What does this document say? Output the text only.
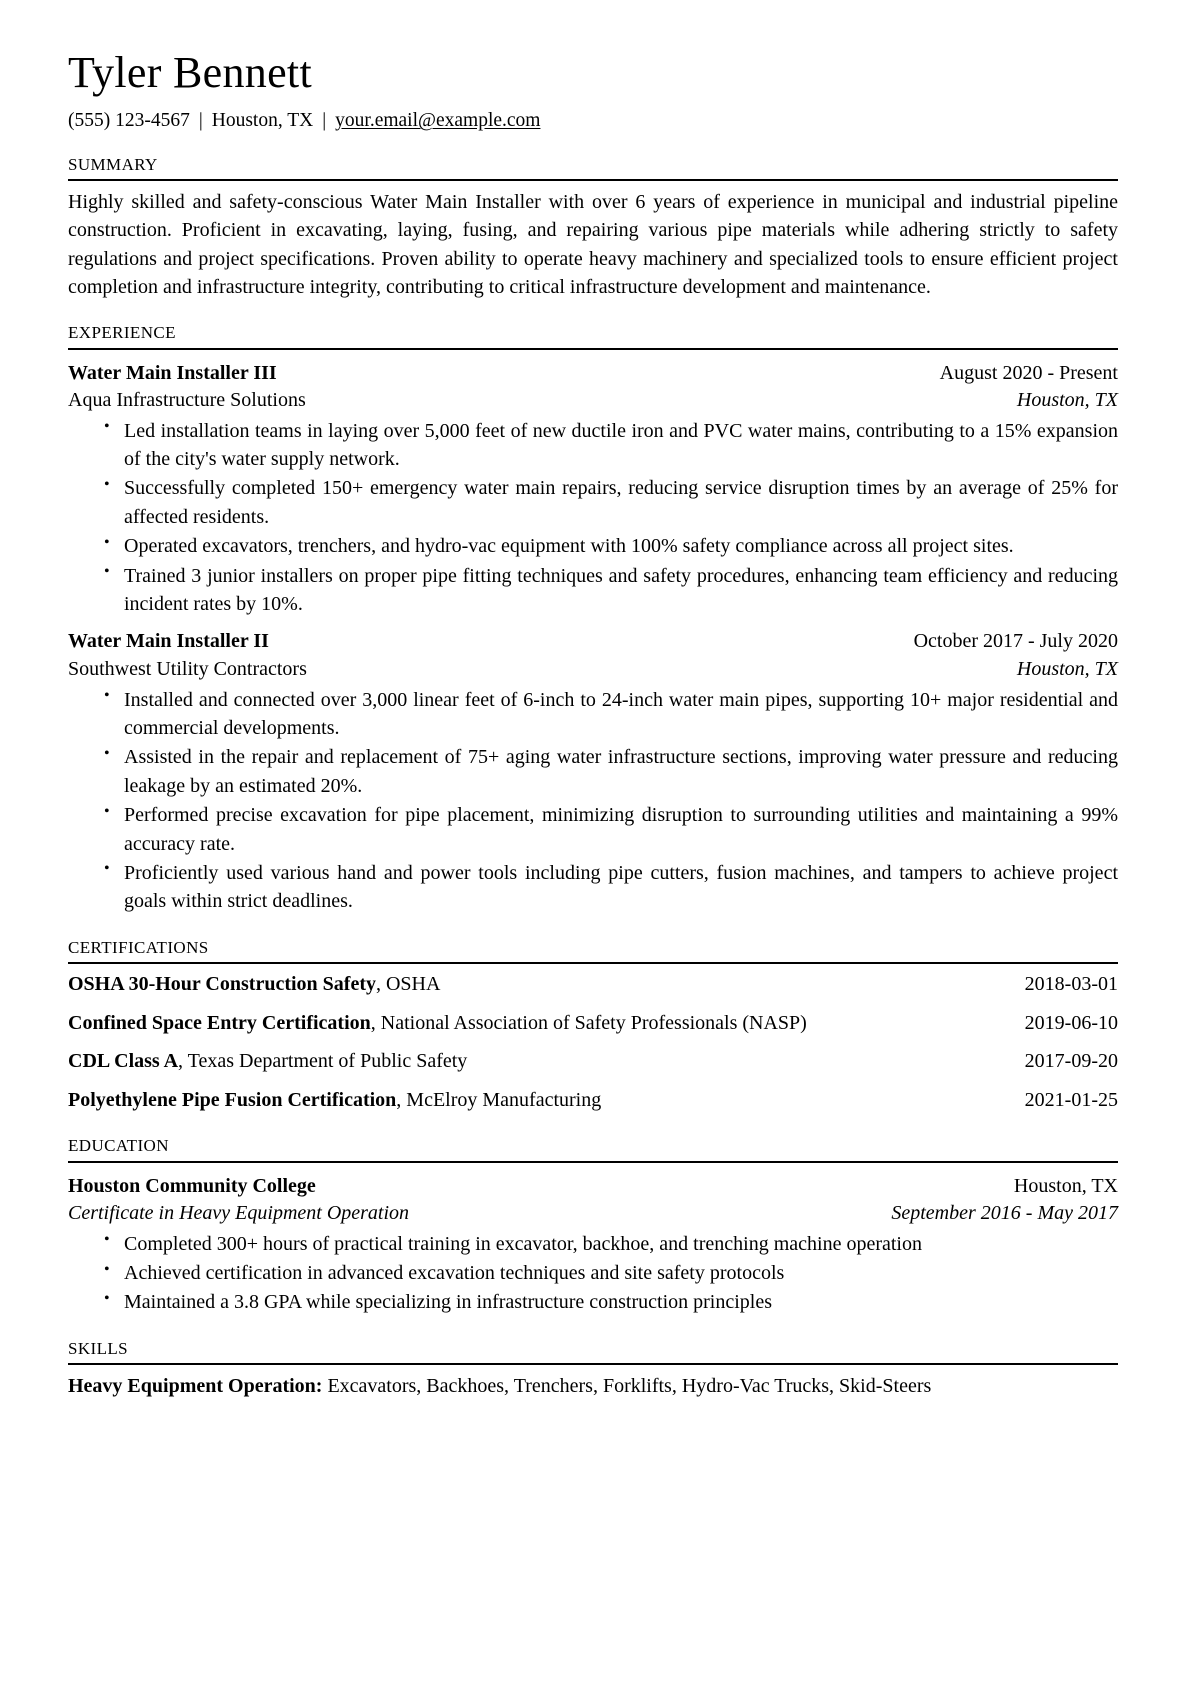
Tyler Bennett
(555) 123-4567 | Houston, TX | your.email@example.com
summary

Highly skilled and safety-conscious Water Main Installer with over 6 years of experience in municipal and industrial pipeline construction. Proficient in excavating, laying, fusing, and repairing various pipe materials while adhering strictly to safety regulations and project specifications. Proven ability to operate heavy machinery and specialized tools to ensure efficient project completion and infrastructure integrity, contributing to critical infrastructure development and maintenance.

experience
Water Main Installer III	August 2020 - Present
Aqua Infrastructure Solutions	Houston, TX
• Led installation teams in laying over 5,000 feet of new ductile iron and PVC water mains, contributing to a 15% expansion of the city's water supply network.
• Successfully completed 150+ emergency water main repairs, reducing service disruption times by an average of 25% for affected residents.
• Operated excavators, trenchers, and hydro-vac equipment with 100% safety compliance across all project sites.
• Trained 3 junior installers on proper pipe fitting techniques and safety procedures, enhancing team efficiency and reducing incident rates by 10%.
Water Main Installer II	October 2017 - July 2020
Southwest Utility Contractors	Houston, TX
• Installed and connected over 3,000 linear feet of 6-inch to 24-inch water main pipes, supporting 10+ major residential and commercial developments.
• Assisted in the repair and replacement of 75+ aging water infrastructure sections, improving water pressure and reducing leakage by an estimated 20%.
• Performed precise excavation for pipe placement, minimizing disruption to surrounding utilities and maintaining a 99% accuracy rate.
• Proficiently used various hand and power tools including pipe cutters, fusion machines, and tampers to achieve project goals within strict deadlines.
certifications
OSHA 30-Hour Construction Safety, OSHA	2018-03-01
Confined Space Entry Certification, National Association of Safety Professionals (NASP)	2019-06-10
CDL Class A, Texas Department of Public Safety	2017-09-20
Polyethylene Pipe Fusion Certification, McElroy Manufacturing	2021-01-25
education
Houston Community College	Houston, TX
Certificate in Heavy Equipment Operation	September 2016 - May 2017
• Completed 300+ hours of practical training in excavator, backhoe, and trenching machine operation
• Achieved certification in advanced excavation techniques and site safety protocols
• Maintained a 3.8 GPA while specializing in infrastructure construction principles
skills
Heavy Equipment Operation: Excavators, Backhoes, Trenchers, Forklifts, Hydro-Vac Trucks, Skid-Steers
